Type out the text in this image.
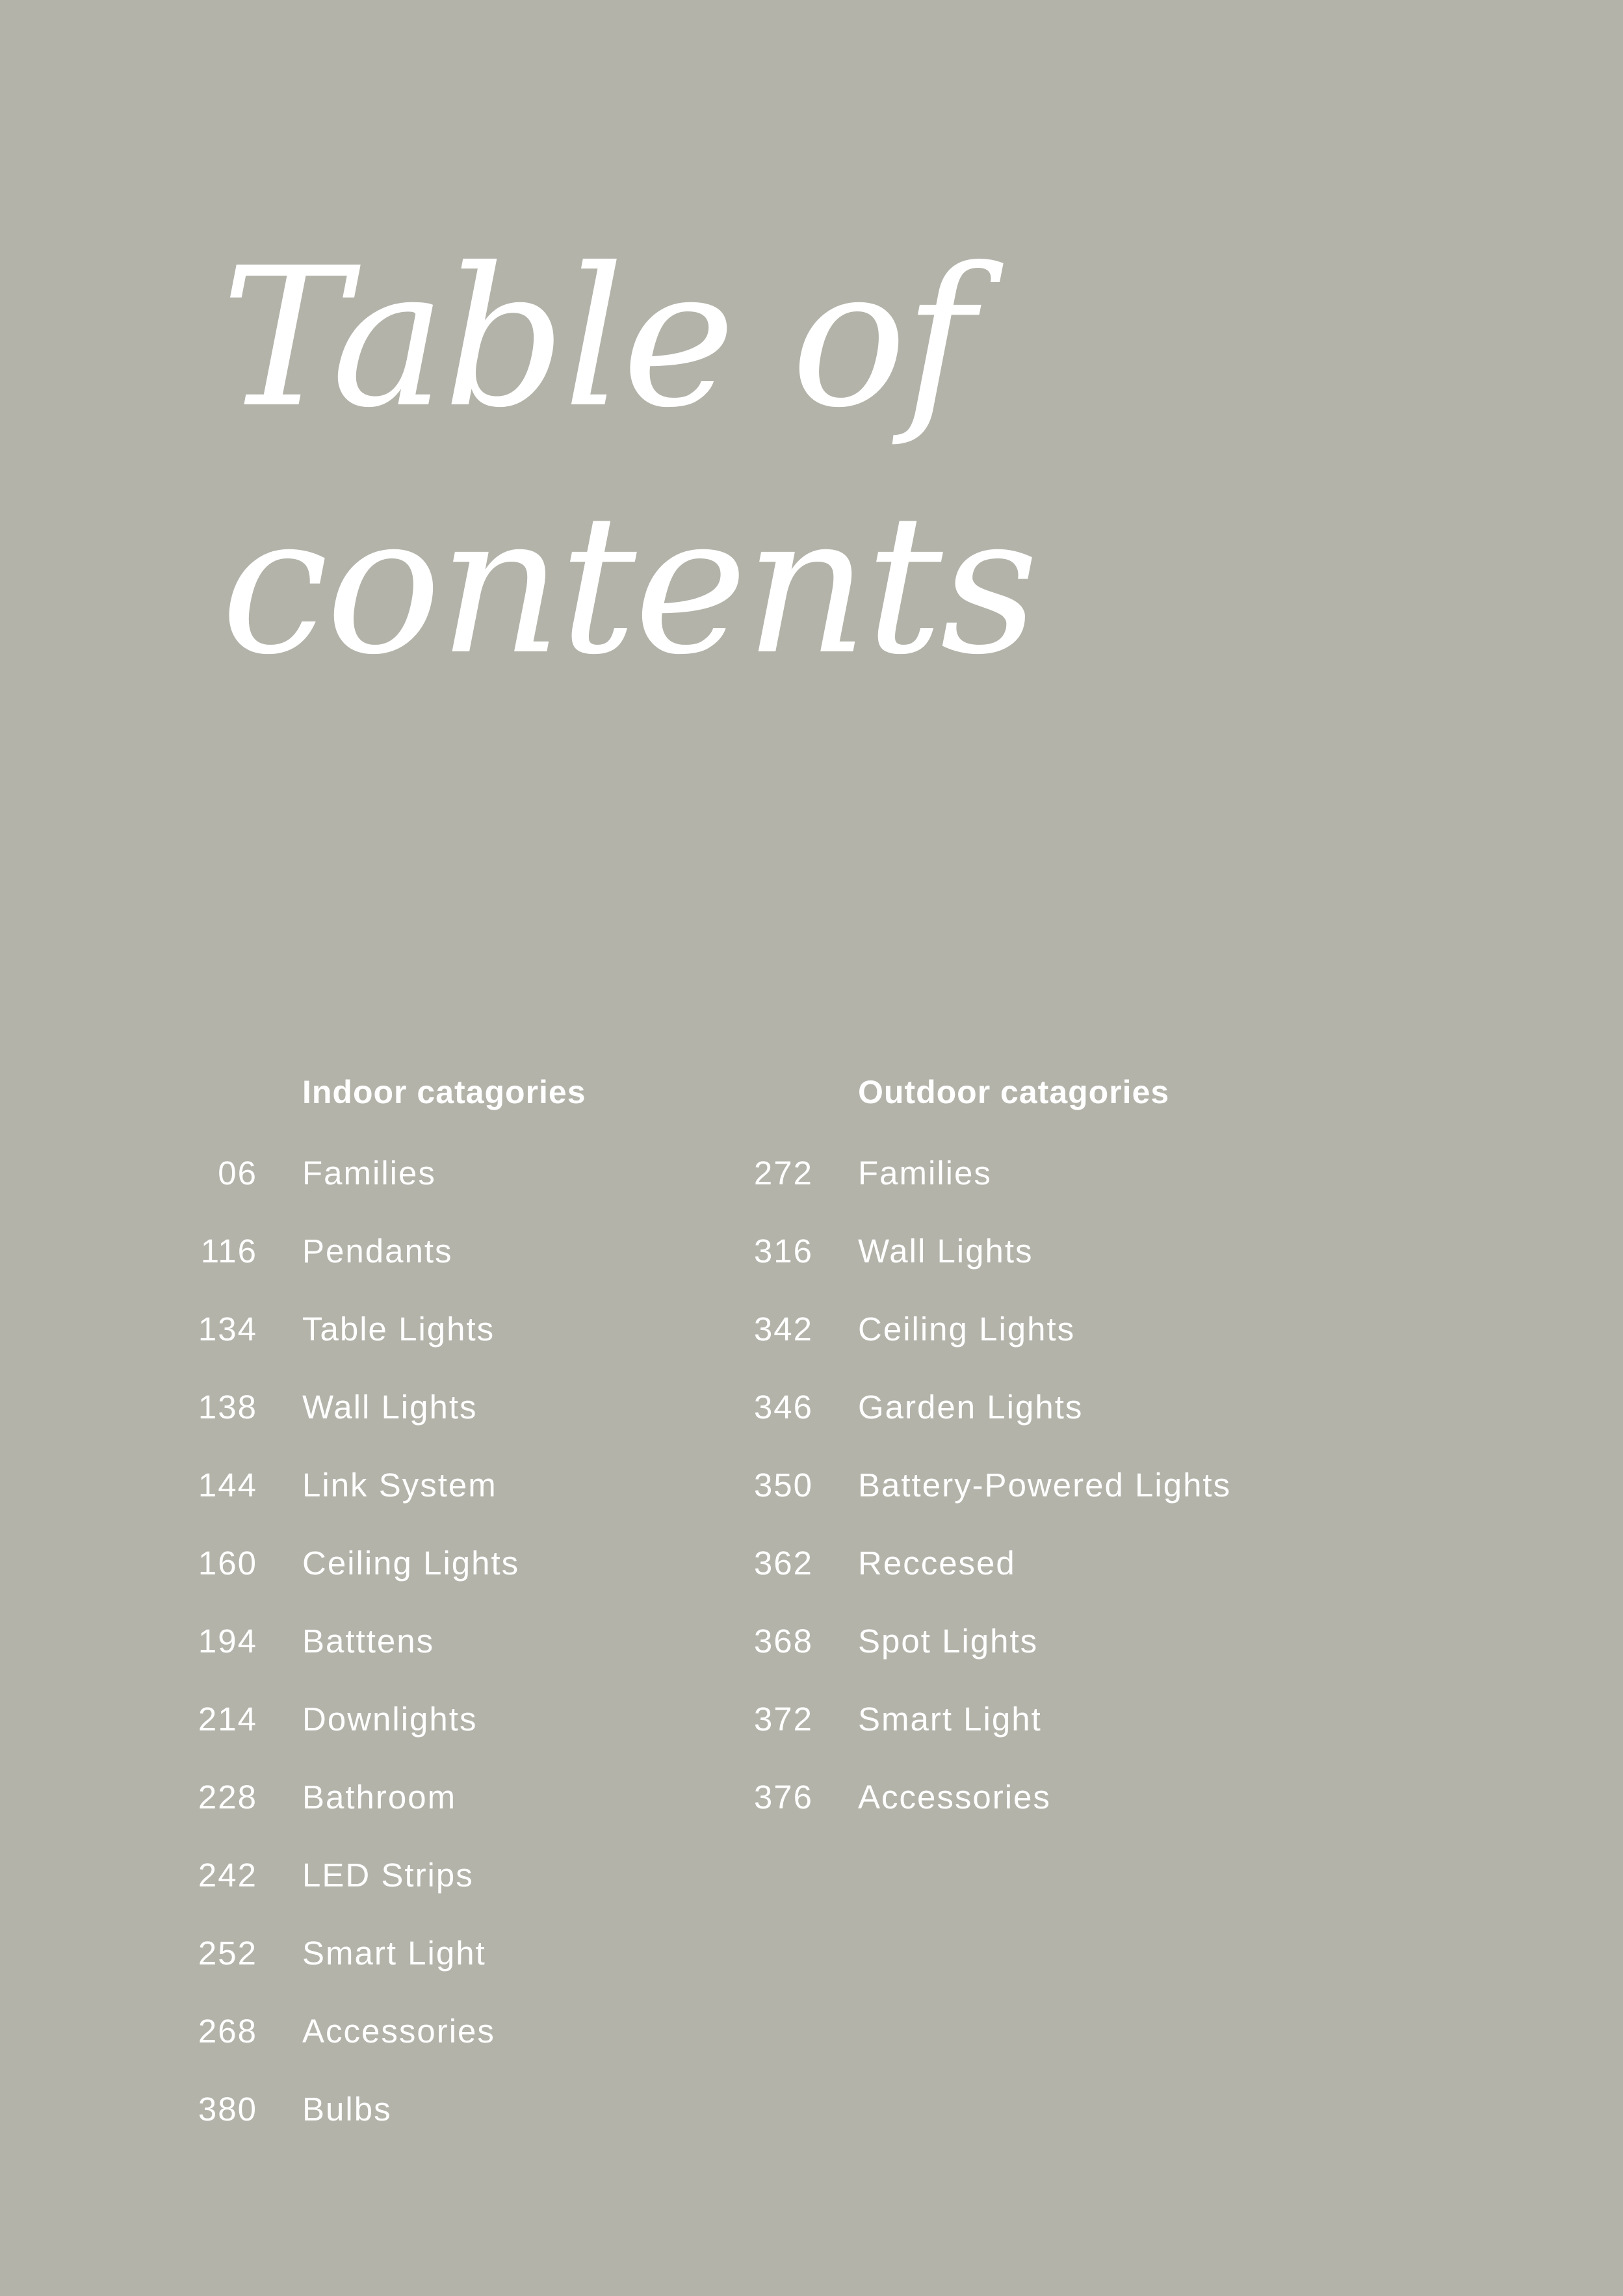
Table of
contents
Indoor catagories
06 Families
116 Pendants
134 Table Lights
138 Wall Lights
144 Link System
160 Ceiling Lights
194 Batttens
214 Downlights
228 Bathroom
242 LED Strips
252 Smart Light
268 Accessories
380 Bulbs
Outdoor catagories
272 Families
316 Wall Lights
342 Ceiling Lights
346 Garden Lights
350 Battery-Powered Lights
362 Reccesed
368 Spot Lights
372 Smart Light
376 Accessories
